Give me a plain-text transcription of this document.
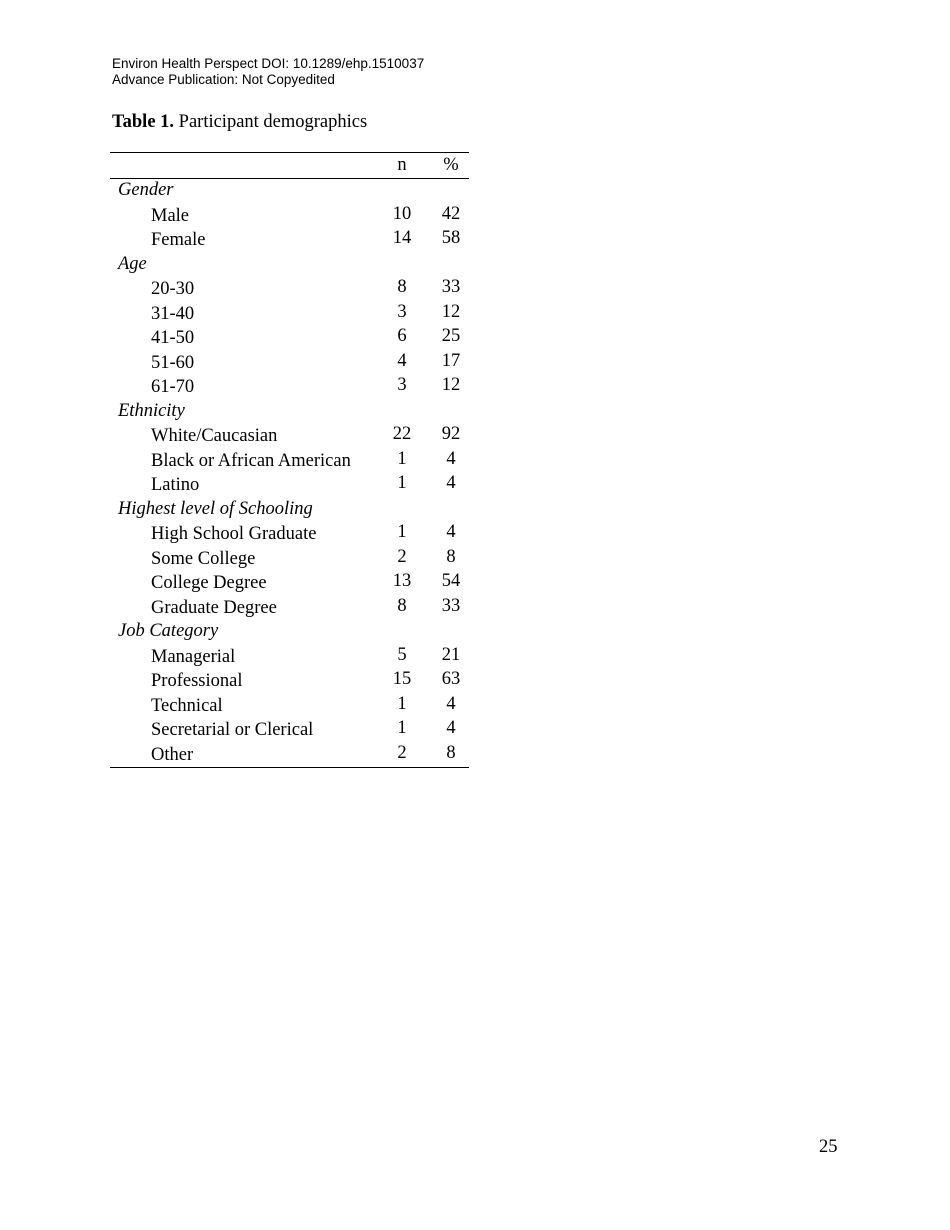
Environ Health Perspect DOI: 10.1289/ehp.1510037
Advance Publication: Not Copyedited
Table 1. Participant demographics
n	%
Gender
Male	10	42
Female	14	58
Age
20-30	8	33
31-40	3	12
41-50	6	25
51-60	4	17
61-70	3	12
Ethnicity
White/Caucasian	22	92
Black or African American	1	4
Latino	1	4
Highest level of Schooling
High School Graduate	1	4
Some College	2	8
College Degree	13	54
Graduate Degree	8	33
Job Category
Managerial	5	21
Professional	15	63
Technical	1	4
Secretarial or Clerical	1	4
Other	2	8
25
